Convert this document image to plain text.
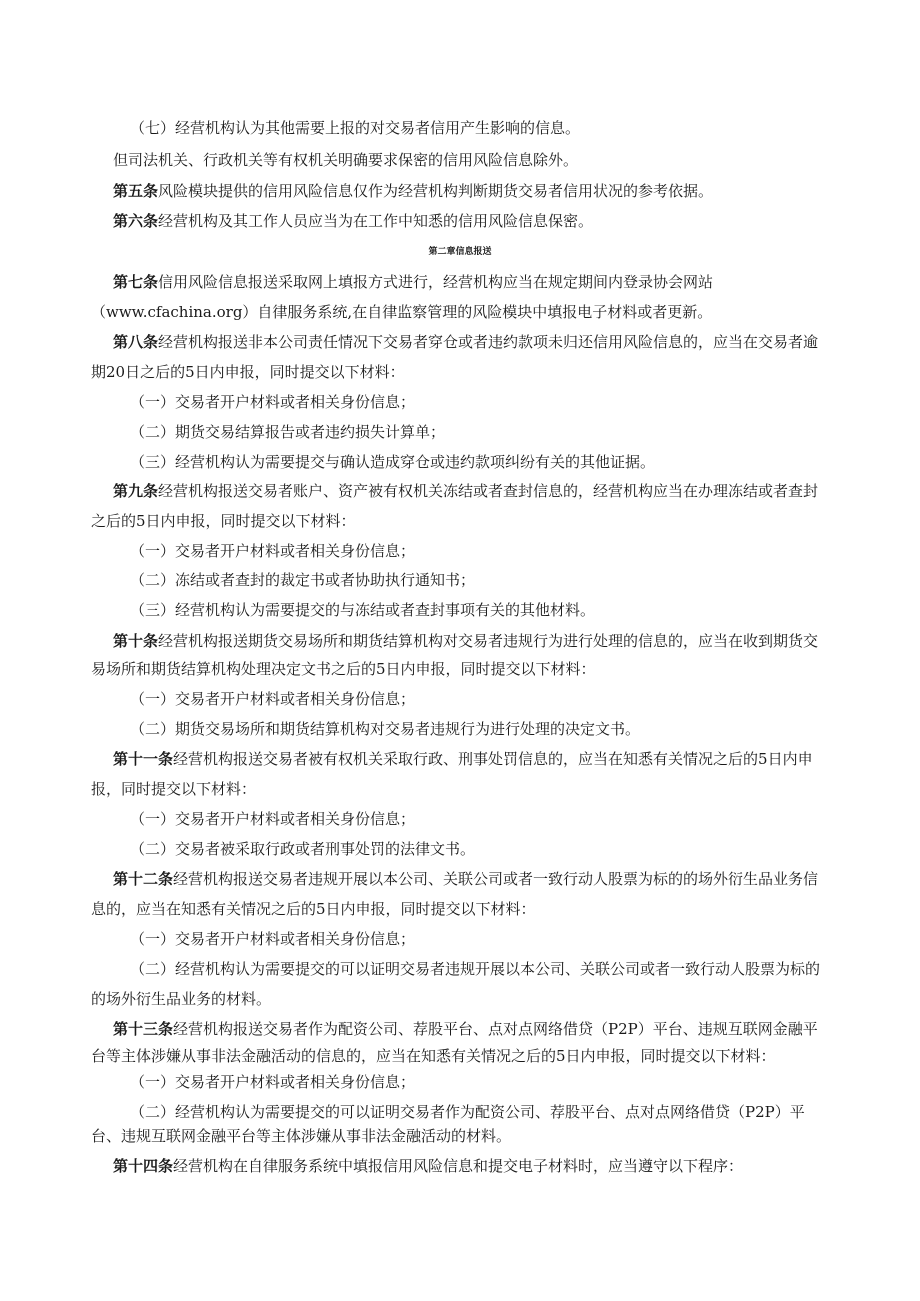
（七）经营机构认为其他需要上报的对交易者信用产生影响的信息。
但司法机关、行政机关等有权机关明确要求保密的信用风险信息除外。
第五条风险模块提供的信用风险信息仅作为经营机构判断期货交易者信用状况的参考依据。
第六条经营机构及其工作人员应当为在工作中知悉的信用风险信息保密。
第二章信息报送
第七条信用风险信息报送采取网上填报方式进行，经营机构应当在规定期间内登录协会网站
（www.cfachina.org）自律服务系统,在自律监察管理的风险模块中填报电子材料或者更新。
第八条经营机构报送非本公司责任情况下交易者穿仓或者违约款项未归还信用风险信息的，应当在交易者逾
期20日之后的5日内申报，同时提交以下材料：
（一）交易者开户材料或者相关身份信息；
（二）期货交易结算报告或者违约损失计算单；
（三）经营机构认为需要提交与确认造成穿仓或违约款项纠纷有关的其他证据。
第九条经营机构报送交易者账户、资产被有权机关冻结或者查封信息的，经营机构应当在办理冻结或者查封
之后的5日内申报，同时提交以下材料：
（一）交易者开户材料或者相关身份信息；
（二）冻结或者查封的裁定书或者协助执行通知书；
（三）经营机构认为需要提交的与冻结或者查封事项有关的其他材料。
第十条经营机构报送期货交易场所和期货结算机构对交易者违规行为进行处理的信息的，应当在收到期货交
易场所和期货结算机构处理决定文书之后的5日内申报，同时提交以下材料：
（一）交易者开户材料或者相关身份信息；
（二）期货交易场所和期货结算机构对交易者违规行为进行处理的决定文书。
第十一条经营机构报送交易者被有权机关采取行政、刑事处罚信息的，应当在知悉有关情况之后的5日内申
报，同时提交以下材料：
（一）交易者开户材料或者相关身份信息；
（二）交易者被采取行政或者刑事处罚的法律文书。
第十二条经营机构报送交易者违规开展以本公司、关联公司或者一致行动人股票为标的的场外衍生品业务信
息的，应当在知悉有关情况之后的5日内申报，同时提交以下材料：
（一）交易者开户材料或者相关身份信息；
（二）经营机构认为需要提交的可以证明交易者违规开展以本公司、关联公司或者一致行动人股票为标的
的场外衍生品业务的材料。
第十三条经营机构报送交易者作为配资公司、荐股平台、点对点网络借贷（P2P）平台、违规互联网金融平
台等主体涉嫌从事非法金融活动的信息的，应当在知悉有关情况之后的5日内申报，同时提交以下材料：
（一）交易者开户材料或者相关身份信息；
（二）经营机构认为需要提交的可以证明交易者作为配资公司、荐股平台、点对点网络借贷（P2P）平
台、违规互联网金融平台等主体涉嫌从事非法金融活动的材料。
第十四条经营机构在自律服务系统中填报信用风险信息和提交电子材料时，应当遵守以下程序：
